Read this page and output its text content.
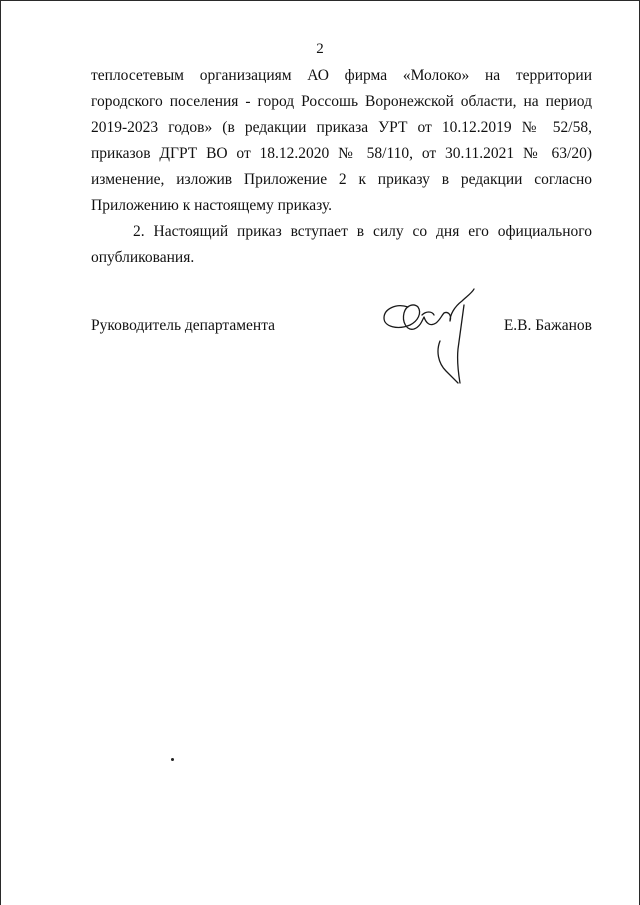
2

теплосетевым организациям АО фирма «Молоко» на территории городского поселения - город Россошь Воронежской области, на период 2019-2023 годов» (в редакции приказа УРТ от 10.12.2019 № 52/58, приказов ДГРТ ВО от 18.12.2020 № 58/110, от 30.11.2021 № 63/20) изменение, изложив Приложение 2 к приказу в редакции согласно Приложению к настоящему приказу.

2. Настоящий приказ вступает в силу со дня его официального опубликования.

Руководитель департамента	Е.В. Бажанов
